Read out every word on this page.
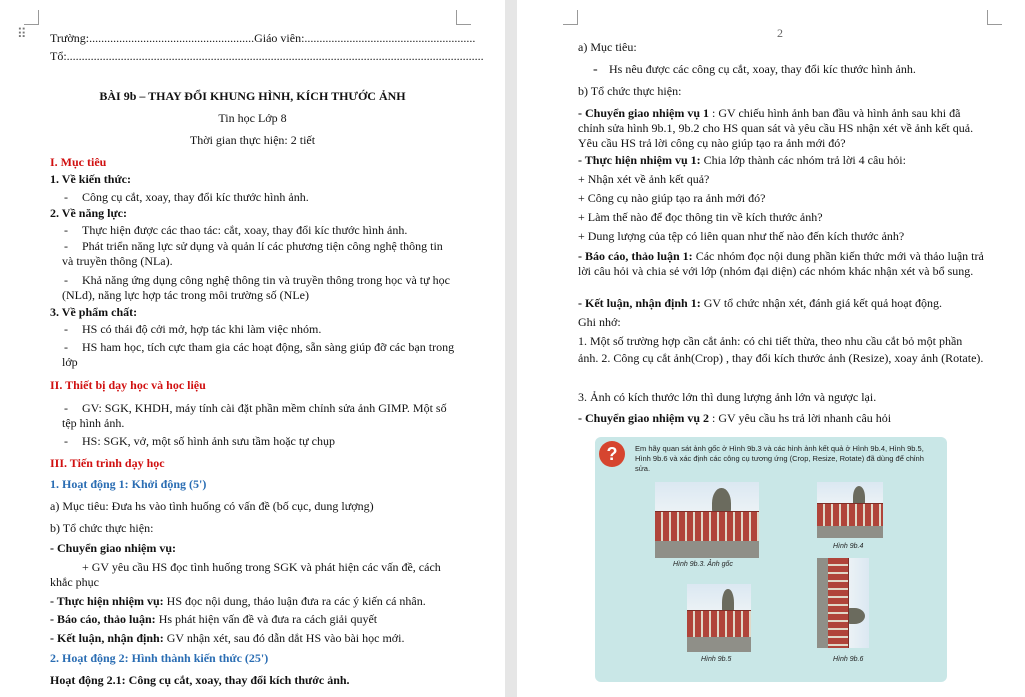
⠿ Trường:.......................................................Giáo viên:.........................................................
Tổ:...........................................................................................................................................
BÀI 9b – THAY ĐỔI KHUNG HÌNH, KÍCH THƯỚC ẢNH
Tin học Lớp 8
Thời gian thực hiện: 2 tiết
I. Mục tiêu
1. Về kiến thức:
- Công cụ cắt, xoay, thay đổi kíc thước hình ảnh.
2. Về năng lực:
- Thực hiện được các thao tác: cắt, xoay, thay đổi kíc thước hình ảnh.
-	Phát triển năng lực sử dụng và quản lí các phương tiện công nghệ thông tin và truyền thông (NLa).
-	Khả năng ứng dụng công nghệ thông tin và truyền thông trong học và tự học (NLd), năng lực hợp tác trong môi trường số (NLe)
3. Về phẩm chất:
- HS có thái độ cởi mở, hợp tác khi làm việc nhóm.
-	HS ham học, tích cực tham gia các hoạt động, sẵn sàng giúp đỡ các bạn trong lớp
II. Thiết bị dạy học và học liệu
-	GV: SGK, KHDH, máy tính cài đặt phần mềm chỉnh sửa ảnh GIMP. Một số tệp hình ảnh.
- HS: SGK, vở, một số hình ảnh sưu tầm hoặc tự chụp
III. Tiến trình dạy học
1. Hoạt động 1: Khởi động (5')
a) Mục tiêu: Đưa hs vào tình huống có vấn đề (bố cục, dung lượng)
b) Tổ chức thực hiện:
- Chuyển giao nhiệm vụ:
+ GV yêu cầu HS đọc tình huống trong SGK và phát hiện các vấn đề, cách khắc phục
- Thực hiện nhiệm vụ: HS đọc nội dung, thảo luận đưa ra các ý kiến cá nhân.
- Báo cáo, thảo luận: Hs phát hiện vấn đề và đưa ra cách giải quyết
- Kết luận, nhận định: GV nhận xét, sau đó dẫn dắt HS vào bài học mới.
2. Hoạt động 2: Hình thành kiến thức (25')
Hoạt động 2.1: Công cụ cắt, xoay, thay đổi kích thước ảnh.
2
a) Mục tiêu:
- Hs nêu được các công cụ cắt, xoay, thay đổi kíc thước hình ảnh.
b) Tổ chức thực hiện:
- Chuyển giao nhiệm vụ 1 : GV chiếu hình ảnh ban đầu và hình ảnh sau khi đã chỉnh sửa hình 9b.1, 9b.2 cho HS quan sát và yêu cầu HS nhận xét về ảnh kết quả. Yêu cầu HS trả lời công cụ nào giúp tạo ra ảnh mới đó?
- Thực hiện nhiệm vụ 1: Chia lớp thành các nhóm trả lời 4 câu hỏi:
+ Nhận xét về ảnh kết quả?
+ Công cụ nào giúp tạo ra ảnh mới đó?
+ Làm thế nào để đọc thông tin về kích thước ảnh?
+ Dung lượng của tệp có liên quan như thế nào đến kích thước ảnh?
- Báo cáo, thảo luận 1: Các nhóm đọc nội dung phần kiến thức mới và thảo luận trả lời câu hỏi và chia sẻ với lớp (nhóm đại diện) các nhóm khác nhận xét và bổ sung.
- Kết luận, nhận định 1: GV tổ chức nhận xét, đánh giá kết quả hoạt động.
Ghi nhớ:
1. Một số trường hợp cần cắt ảnh: có chi tiết thừa, theo nhu cầu cắt bỏ một phần ảnh. 2. Công cụ cắt ảnh(Crop) , thay đổi kích thước ảnh (Resize), xoay ảnh (Rotate).
3. Ảnh có kích thước lớn thì dung lượng ảnh lớn và ngược lại.
- Chuyển giao nhiệm vụ 2 : GV yêu cầu hs trả lời nhanh câu hỏi
?	Em hãy quan sát ảnh gốc ở Hình 9b.3 và các hình ảnh kết quả ở Hình 9b.4, Hình 9b.5, Hình 9b.6 và xác định các công cụ tương ứng (Crop, Resize, Rotate) đã dùng để chỉnh sửa.
Hình 9b.3. Ảnh gốc
Hình 9b.4
Hình 9b.5	Hình 9b.6
